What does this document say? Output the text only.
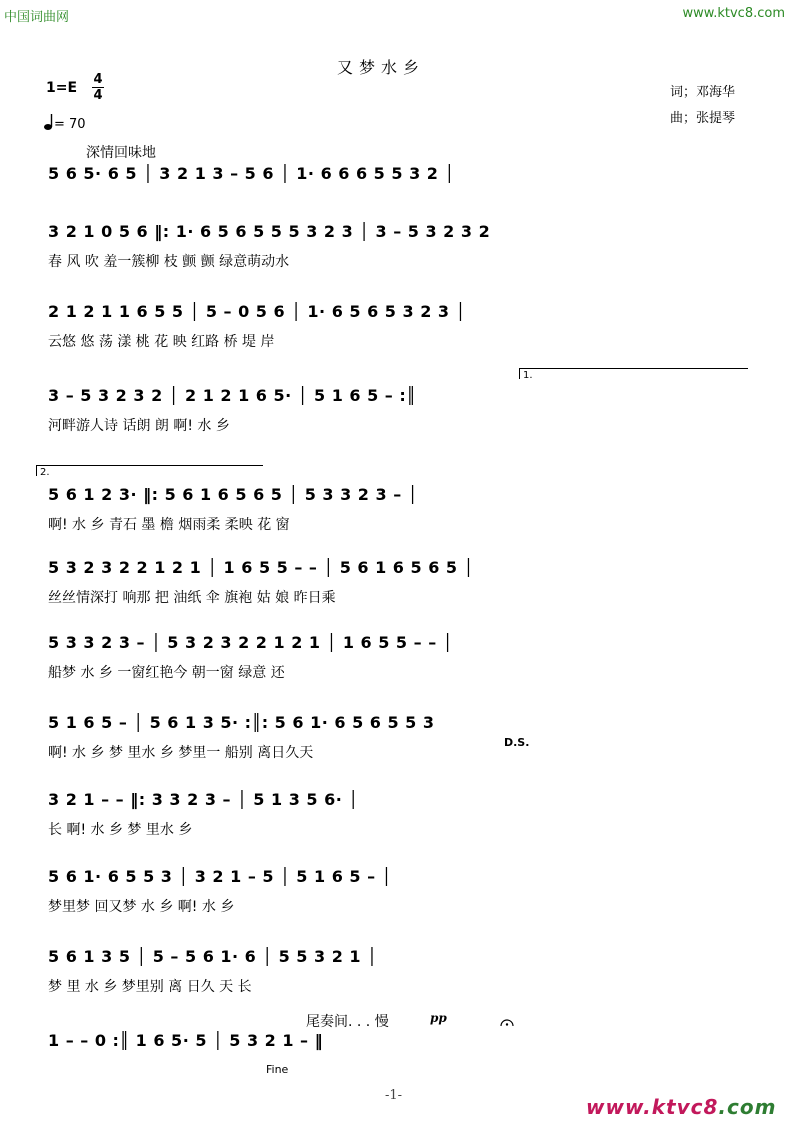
中国词曲网	www.ktvc8.com
又梦水乡
1=E
4
4
= 70
词；邓海华
曲；张提琴
深情回味地
5 6 5· 6 5 │ 3 2 1 3 – 5 6 │ 1· 6 6 6 5 5 3 2 │
3 2 1 0 5 6 ‖: 1· 6 5 6 5 5 5 3 2 3 │ 3 – 5 3 2 3 2
春 风 吹 羞一簇柳 枝 颤 颤 绿意萌动水
2 1 2 1 1 6 5 5 │ 5 – 0 5 6 │ 1· 6 5 6 5 3 2 3 │
云悠 悠 荡 漾 桃 花 映 红路 桥 堤 岸
1.
3 – 5 3 2 3 2 │ 2 1 2 1 6 5· │ 5 1 6 5 – :║
河畔游人诗 话朗 朗 啊! 水 乡
2.
5 6 1 2 3· ‖: 5 6 1 6 5 6 5 │ 5 3 3 2 3 – │
啊! 水 乡 青石 墨 檐 烟雨柔 柔映 花 窗
5 3 2 3 2 2 1 2 1 │ 1 6 5 5 – – │ 5 6 1 6 5 6 5 │
丝丝情深打 响那 把 油纸 伞 旗袍 姑 娘 昨日乘
5 3 3 2 3 – │ 5 3 2 3 2 2 1 2 1 │ 1 6 5 5 – – │
船梦 水 乡 一窗红艳今 朝一窗 绿意 还
5 1 6 5 – │ 5 6 1 3 5· :║: 5 6 1· 6 5 6 5 5 3
啊! 水 乡 梦 里水 乡 梦里一 船别 离日久天
D.S.
3 2 1 – – ‖: 3 3 2 3 – │ 5 1 3 5 6· │
长 啊! 水 乡 梦 里水 乡
5 6 1· 6 5 5 3 │ 3 2 1 – 5 │ 5 1 6 5 – │
梦里梦 回又梦 水 乡 啊! 水 乡
5 6 1 3 5 │ 5 – 5 6 1· 6 │ 5 5 3 2 1 │
梦 里 水 乡 梦里别 离 日久 天 长
尾奏间. . . 慢	pp
1 – – 0 :║ 1 6 5· 5 │ 5 3 2 1 – ‖
Fine
-1-	www.ktvc8.com
